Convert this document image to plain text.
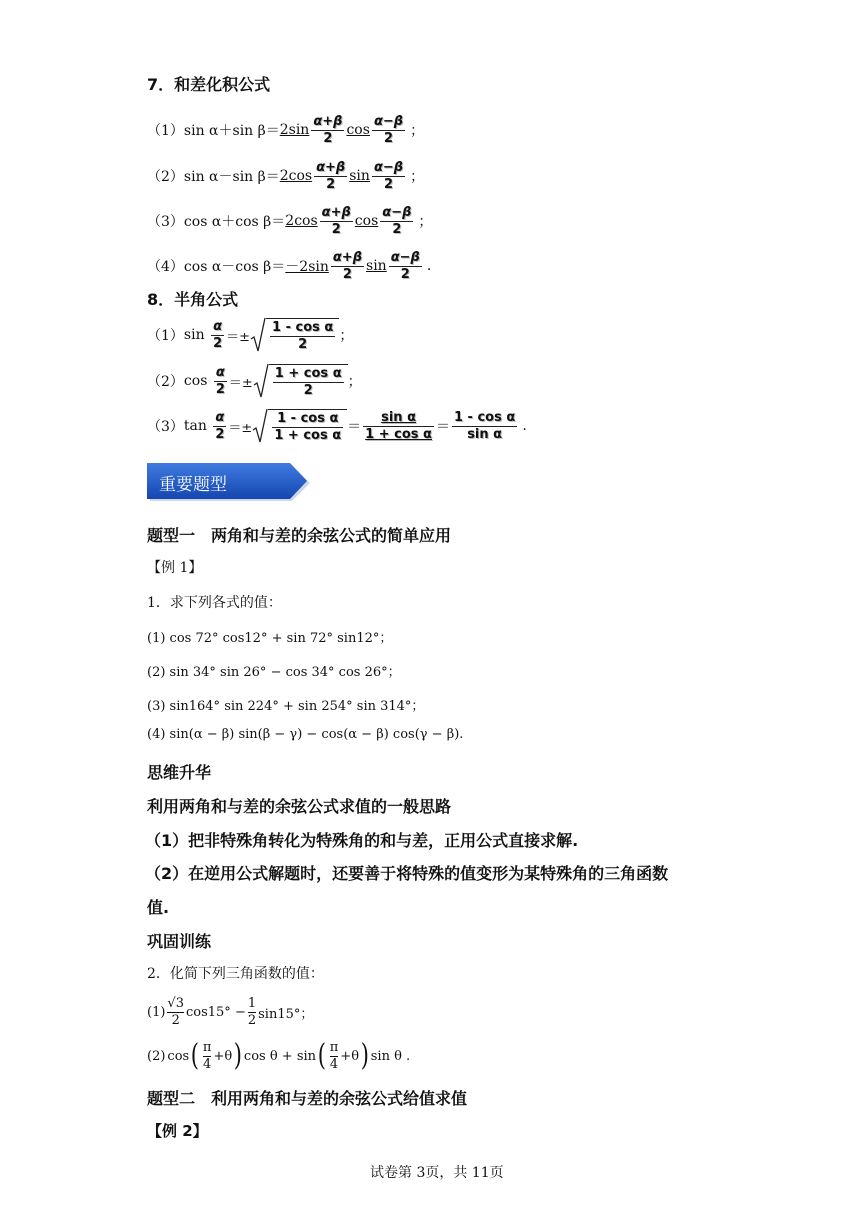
7．和差化积公式
（1） sin α＋sin $\beta= 2\sin \frac{\alpha+\beta}{2}$ $\cos \frac{\alpha-\beta}{2}$ ；
（2） sin α－sin $\beta= 2\cos \frac{\alpha+\beta}{2}$ $\sin \frac{\alpha-\beta}{2}$ ；
（3） cos α＋cos $\beta= 2\cos \frac{\alpha+\beta}{2}$ $\cos \frac{\alpha-\beta}{2}$ ；
（4） cos α－cos $\beta= -2\sin \frac{\alpha+\beta}{2}$ $\sin \frac{\alpha-\beta}{2}$ .
8．半角公式
（1） sin
$\frac{\alpha}{2} =\pm \frac{\text{1 - cos α}}{2}$ ；
（2） cos
$\frac{\alpha}{2} =\pm \frac{\text{1 + cos α}}{2}$ ；
（3） tan
$\frac{\alpha}{2} =\pm \frac{\text{1 - cos α}}{\text{1 + cos α}} = \frac{\text{sin α}}{\text{1 + cos α}} = \frac{\text{1 - cos α}}{\text{sin α}}$ .
重要题型
题型一　两角和与差的余弦公式的简单应用
【例 1】
1．求下列各式的值：
(1) cos 72° cos12° + sin 72° sin12°；
(2) sin 34° sin 26° − cos 34° cos 26°；
(3) sin164° sin 224° + sin 254° sin 314°；
(4) sin(α − β) sin(β − γ) − cos(α − β) cos(γ − β).
思维升华
利用两角和与差的余弦公式求值的一般思路
（1）把非特殊角转化为特殊角的和与差，正用公式直接求解.
（2）在逆用公式解题时，还要善于将特殊的值变形为某特殊角的三角函数
值.
巩固训练
2．化简下列三角函数的值：
(1)
√3
2
cos15° −
1
2 sin15°；
(2) cos ( π
4
+θ ) cos θ + sin ( π
4
+θ ) sin θ .
题型二　利用两角和与差的余弦公式给值求值
【例 2】
试卷第 3页，共 11页
